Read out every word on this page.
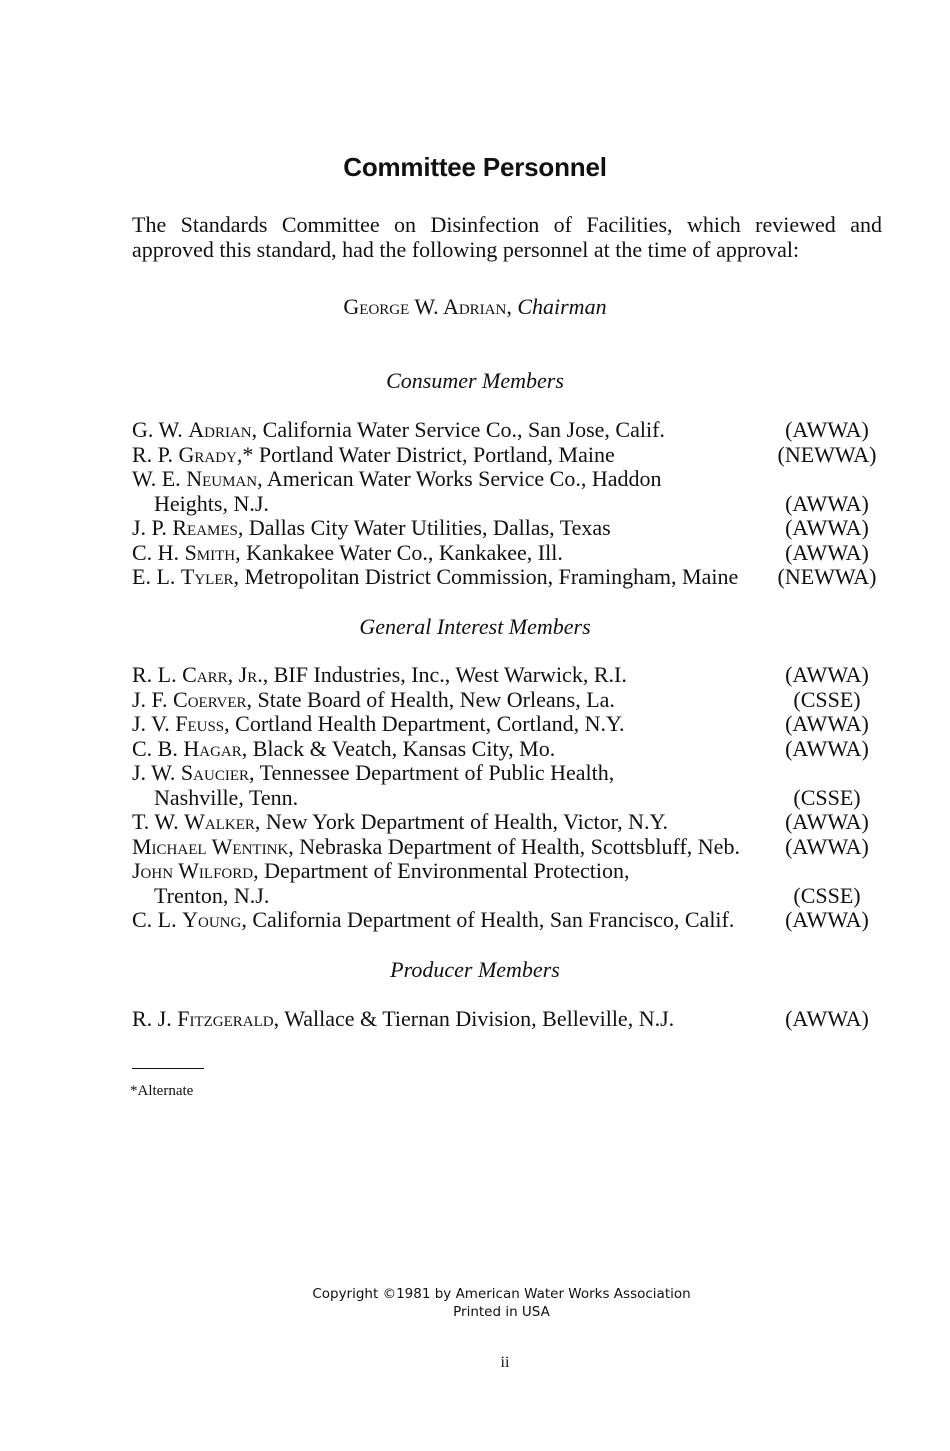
Committee Personnel
The Standards Committee on Disinfection of Facilities, which reviewed and approved this standard, had the following personnel at the time of approval:
George W. Adrian, Chairman
Consumer Members
G. W. Adrian, California Water Service Co., San Jose, Calif.	(AWWA)
R. P. Grady,* Portland Water District, Portland, Maine	(NEWWA)
W. E. Neuman, American Water Works Service Co., Haddon
Heights, N.J.	(AWWA)
J. P. Reames, Dallas City Water Utilities, Dallas, Texas	(AWWA)
C. H. Smith, Kankakee Water Co., Kankakee, Ill.	(AWWA)
E. L. Tyler, Metropolitan District Commission, Framingham, Maine	(NEWWA)
General Interest Members
R. L. Carr, Jr., BIF Industries, Inc., West Warwick, R.I.	(AWWA)
J. F. Coerver, State Board of Health, New Orleans, La.	(CSSE)
J. V. Feuss, Cortland Health Department, Cortland, N.Y.	(AWWA)
C. B. Hagar, Black & Veatch, Kansas City, Mo.	(AWWA)
J. W. Saucier, Tennessee Department of Public Health,
Nashville, Tenn.	(CSSE)
T. W. Walker, New York Department of Health, Victor, N.Y.	(AWWA)
Michael Wentink, Nebraska Department of Health, Scottsbluff, Neb.	(AWWA)
John Wilford, Department of Environmental Protection,
Trenton, N.J.	(CSSE)
C. L. Young, California Department of Health, San Francisco, Calif.	(AWWA)
Producer Members
R. J. Fitzgerald, Wallace & Tiernan Division, Belleville, N.J.	(AWWA)
*Alternate
Copyright ©1981 by American Water Works Association
Printed in USA
ii
